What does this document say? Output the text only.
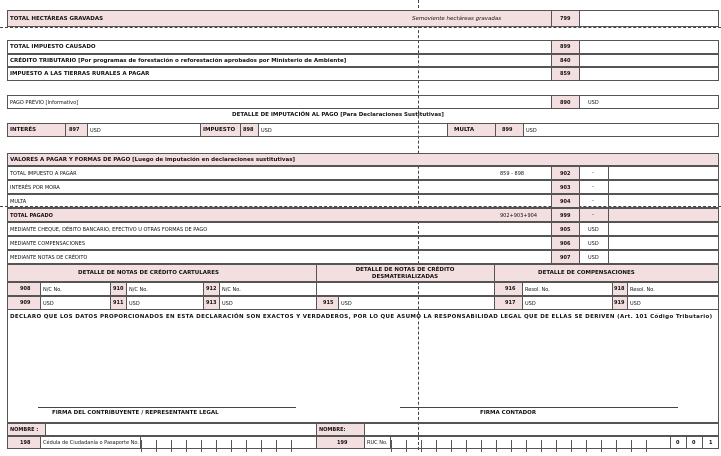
TOTAL HECTÁREAS GRAVADAS	Semoviente hectáreas gravadas	799
TOTAL IMPUESTO CAUSADO	899
CRÉDITO TRIBUTARIO [Por programas de forestación o reforestación aprobados por Ministerio de Ambiente]	840
IMPUESTO A LAS TIERRAS RURALES A PAGAR	859
PAGO PREVIO [Informativo]	890	USD
DETALLE DE IMPUTACIÓN AL PAGO [Para Declaraciones Sustitutivas]
INTERÉS	897 USD	IMPUESTO 898 USD	MULTA	899	USD
VALORES A PAGAR Y FORMAS DE PAGO [Luego de imputación en declaraciones sustitutivas]
TOTAL IMPUESTO A PAGAR	859 - 898	902	-
INTERÉS POR MORA	903	-
MULTA	904	-
TOTAL PAGADO	902+903+904	999	-
MEDIANTE CHEQUE, DÉBITO BANCARIO, EFECTIVO U OTRAS FORMAS DE PAGO	905	USD
MEDIANTE COMPENSACIONES	906	USD
MEDIANTE NOTAS DE CRÉDITO	907	USD
DETALLE DE NOTAS DE CRÉDITO CARTULARES	DETALLE DE NOTAS DE CRÉDITO DESMATERIALIZADAS
DETALLE DE COMPENSACIONES
908	N/C No.	910 N/C No.	912 N/C No.	916 Resol. No.	918 Resol. No.
909	USD	911 USD	913 USD	915 USD	917 USD	919 USD
DECLARO QUE LOS DATOS PROPORCIONADOS EN ESTA DECLARACIÓN SON EXACTOS Y VERDADEROS, POR LO QUE ASUMO LA RESPONSABILIDAD LEGAL QUE DE ELLAS SE DERIVEN (Art. 101 Código Tributario)
FIRMA DEL CONTRIBUYENTE / REPRESENTANTE LEGAL	FIRMA CONTADOR
NOMBRE :	NOMBRE:
198	Cédula de Ciudadanía o Pasaporte No.	199	RUC No.	0	0	1
